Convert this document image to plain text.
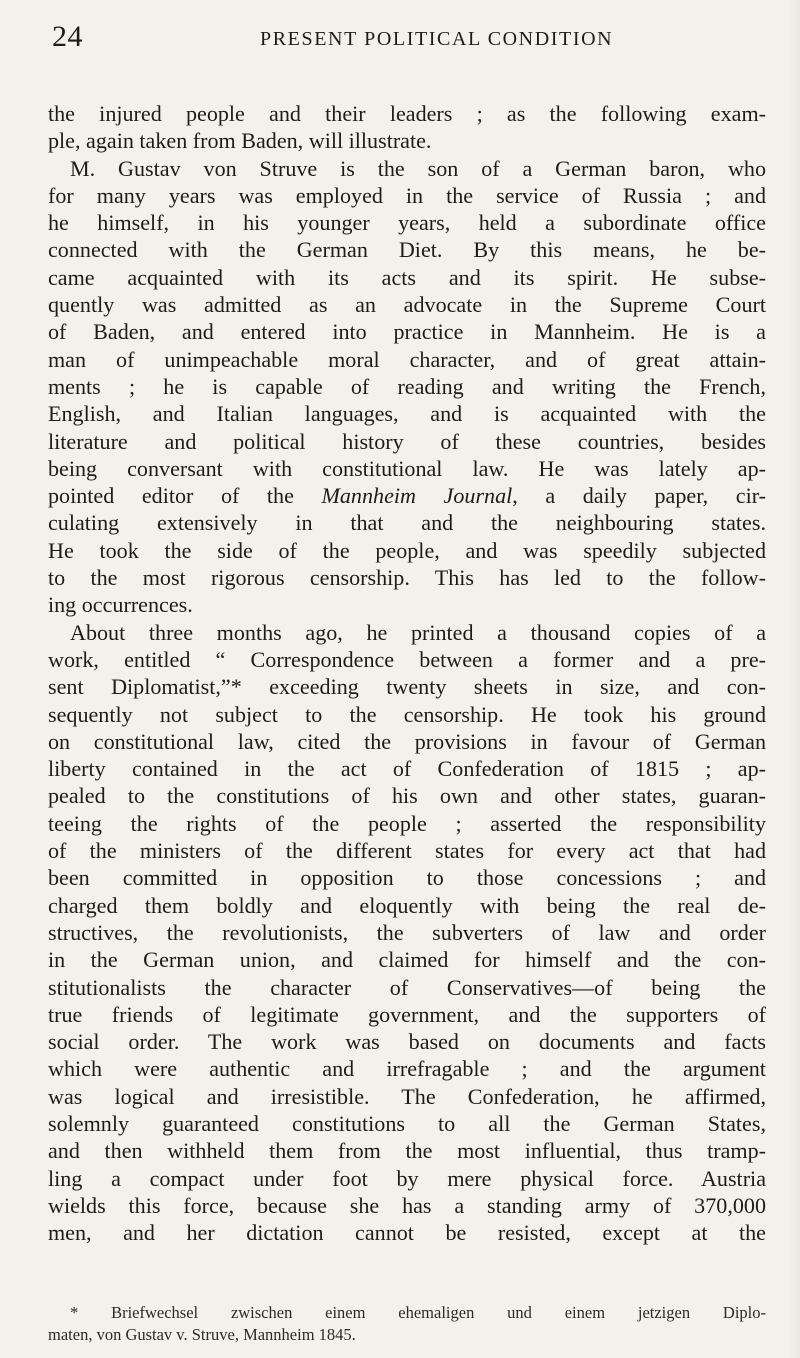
24	PRESENT POLITICAL CONDITION
the injured people and their leaders ; as the following exam-
ple, again taken from Baden, will illustrate.
M. Gustav von Struve is the son of a German baron, who
for many years was employed in the service of Russia ; and
he himself, in his younger years, held a subordinate office
connected with the German Diet. By this means, he be-
came acquainted with its acts and its spirit. He subse-
quently was admitted as an advocate in the Supreme Court
of Baden, and entered into practice in Mannheim. He is a
man of unimpeachable moral character, and of great attain-
ments ; he is capable of reading and writing the French,
English, and Italian languages, and is acquainted with the
literature and political history of these countries, besides
being conversant with constitutional law. He was lately ap-
pointed editor of the Mannheim Journal, a daily paper, cir-
culating extensively in that and the neighbouring states.
He took the side of the people, and was speedily subjected
to the most rigorous censorship. This has led to the follow-
ing occurrences.
About three months ago, he printed a thousand copies of a
work, entitled “ Correspondence between a former and a pre-
sent Diplomatist,”* exceeding twenty sheets in size, and con-
sequently not subject to the censorship. He took his ground
on constitutional law, cited the provisions in favour of German
liberty contained in the act of Confederation of 1815 ; ap-
pealed to the constitutions of his own and other states, guaran-
teeing the rights of the people ; asserted the responsibility
of the ministers of the different states for every act that had
been committed in opposition to those concessions ; and
charged them boldly and eloquently with being the real de-
structives, the revolutionists, the subverters of law and order
in the German union, and claimed for himself and the con-
stitutionalists the character of Conservatives—of being the
true friends of legitimate government, and the supporters of
social order. The work was based on documents and facts
which were authentic and irrefragable ; and the argument
was logical and irresistible. The Confederation, he affirmed,
solemnly guaranteed constitutions to all the German States,
and then withheld them from the most influential, thus tramp-
ling a compact under foot by mere physical force. Austria
wields this force, because she has a standing army of 370,000
men, and her dictation cannot be resisted, except at the
* Briefwechsel zwischen einem ehemaligen und einem jetzigen Diplo-
maten, von Gustav v. Struve, Mannheim 1845.
